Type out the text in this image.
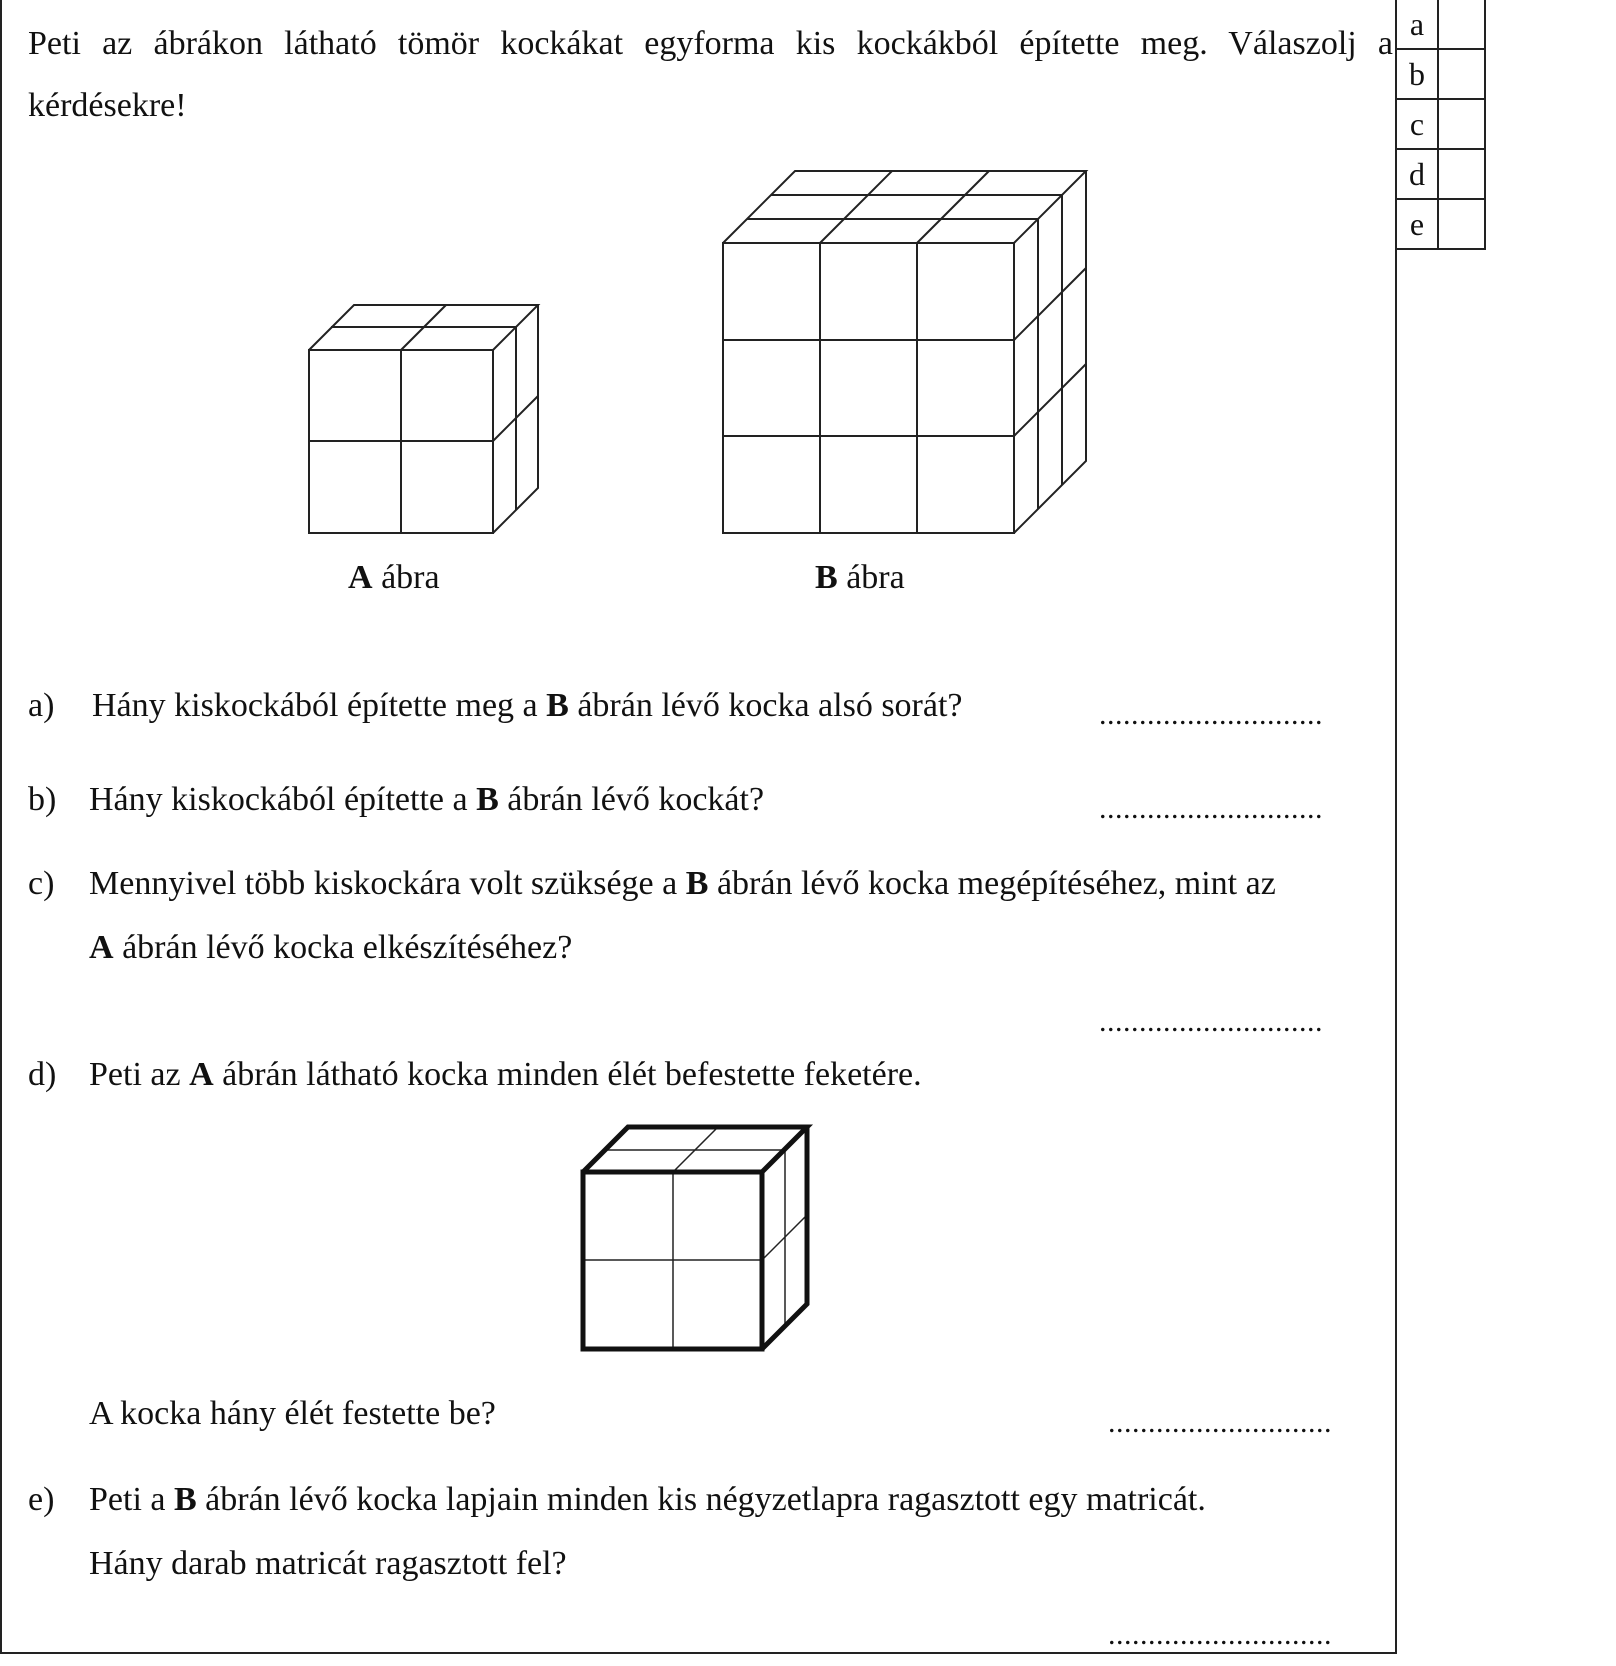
a	
b	
c	
d	
e	
Peti az ábrákon látható tömör kockákat egyforma kis kockákból építette meg. Válaszolj a
kérdésekre!
A ábra	B ábra
a) Hány kiskockából építette meg a B ábrán lévő kocka alsó sorát?	............................
b) Hány kiskockából építette a B ábrán lévő kockát?	............................
c) Mennyivel több kiskockára volt szüksége a B ábrán lévő kocka megépítéséhez, mint az
A ábrán lévő kocka elkészítéséhez?
............................
d) Peti az A ábrán látható kocka minden élét befestette feketére.
A kocka hány élét festette be?	............................
e) Peti a B ábrán lévő kocka lapjain minden kis négyzetlapra ragasztott egy matricát.
Hány darab matricát ragasztott fel?
............................
